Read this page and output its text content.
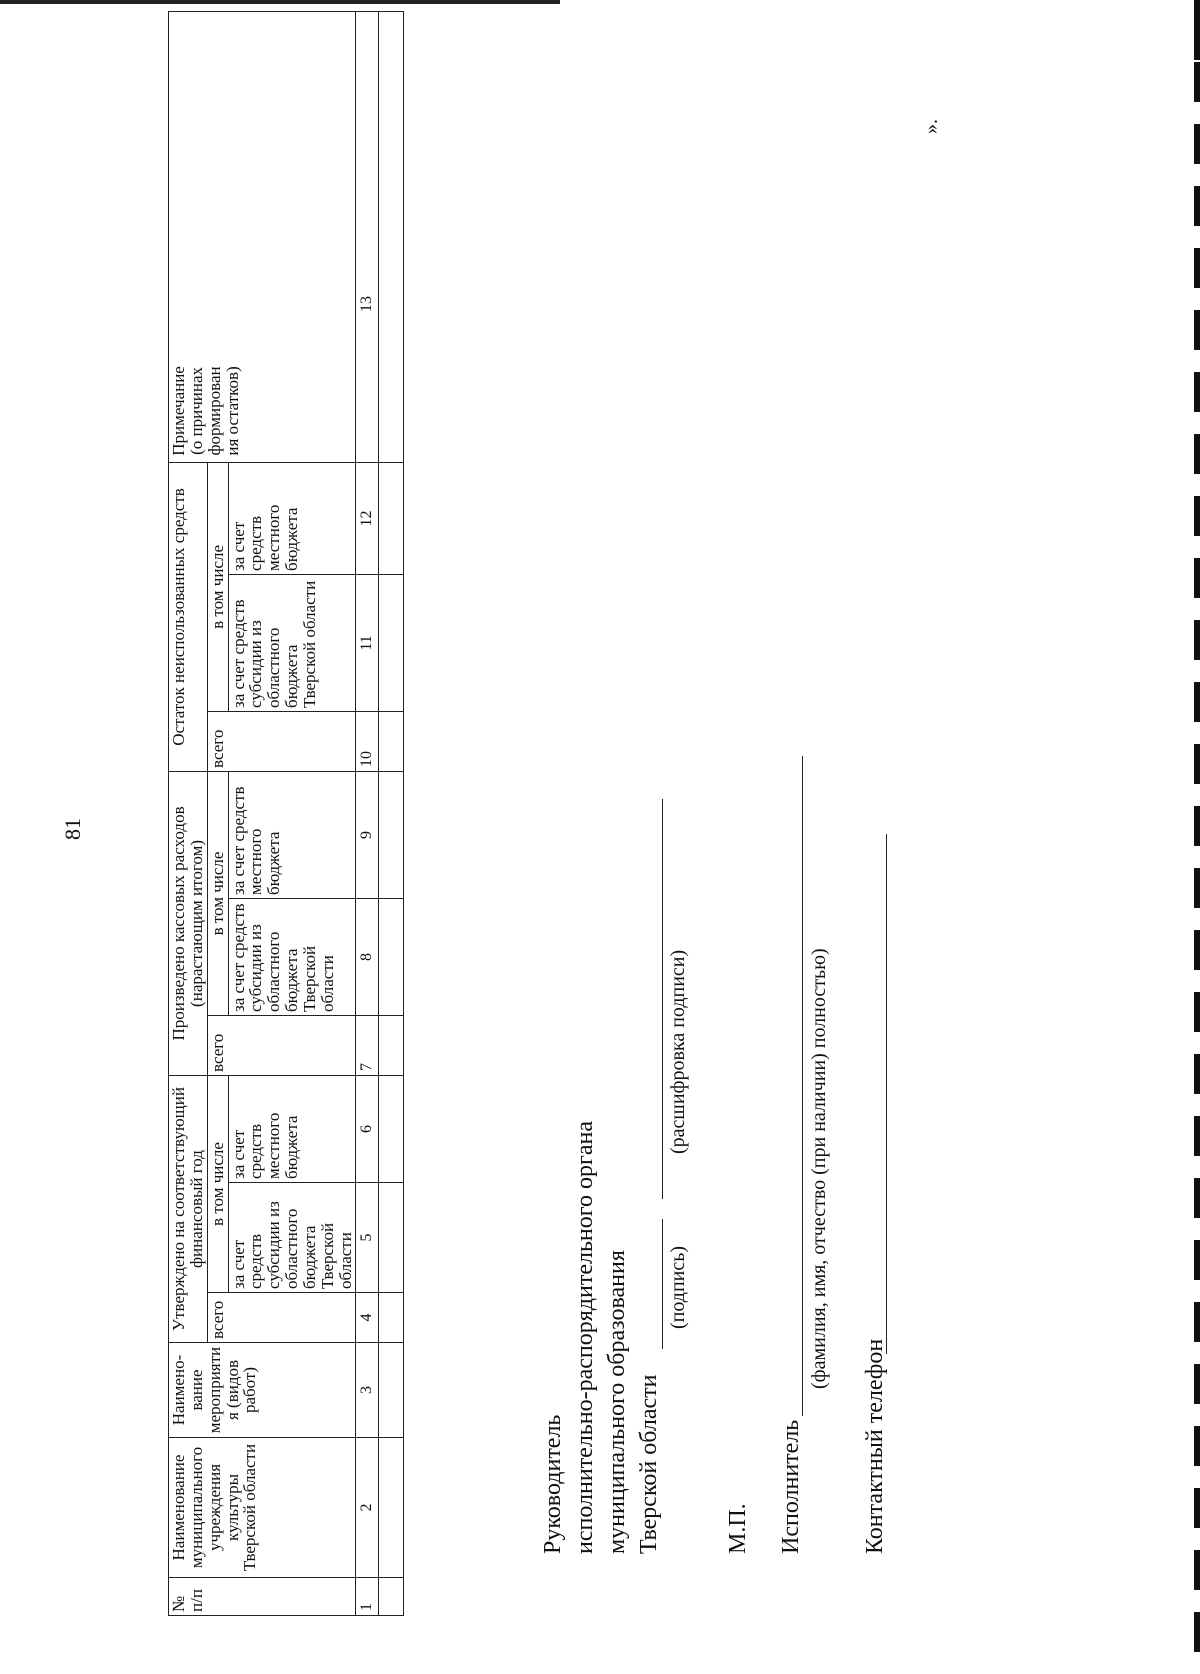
81
№ п/п	Наименование муниципального учреждения культуры Тверской области	Наимено-вание мероприятия (видов работ)	Утверждено на соответствующий финансовый год			Произведено кассовых расходов (нарастающим итогом)			Остаток неиспользованных средств			Примечание (о причинах формирования остатков)
			всего	в том числе		всего	в том числе		всего	в том числе		
				за счет средств субсидии из областного бюджета Тверской области	за счет средств местного бюджета		за счет средств субсидии из областного бюджета Тверской области	за счет средств местного бюджета		за счет средств субсидии из областного бюджета Тверской области	за счет средств местного бюджета	
1	2	3	4	5	6	7	8	9	10	11	12	13

Руководитель исполнительно-распорядительного органа муниципального образования Тверской области
(подпись)
(расшифровка подписи)
М.П. Исполнитель
(фамилия, имя, отчество (при наличии) полностью)
Контактный телефон
».
